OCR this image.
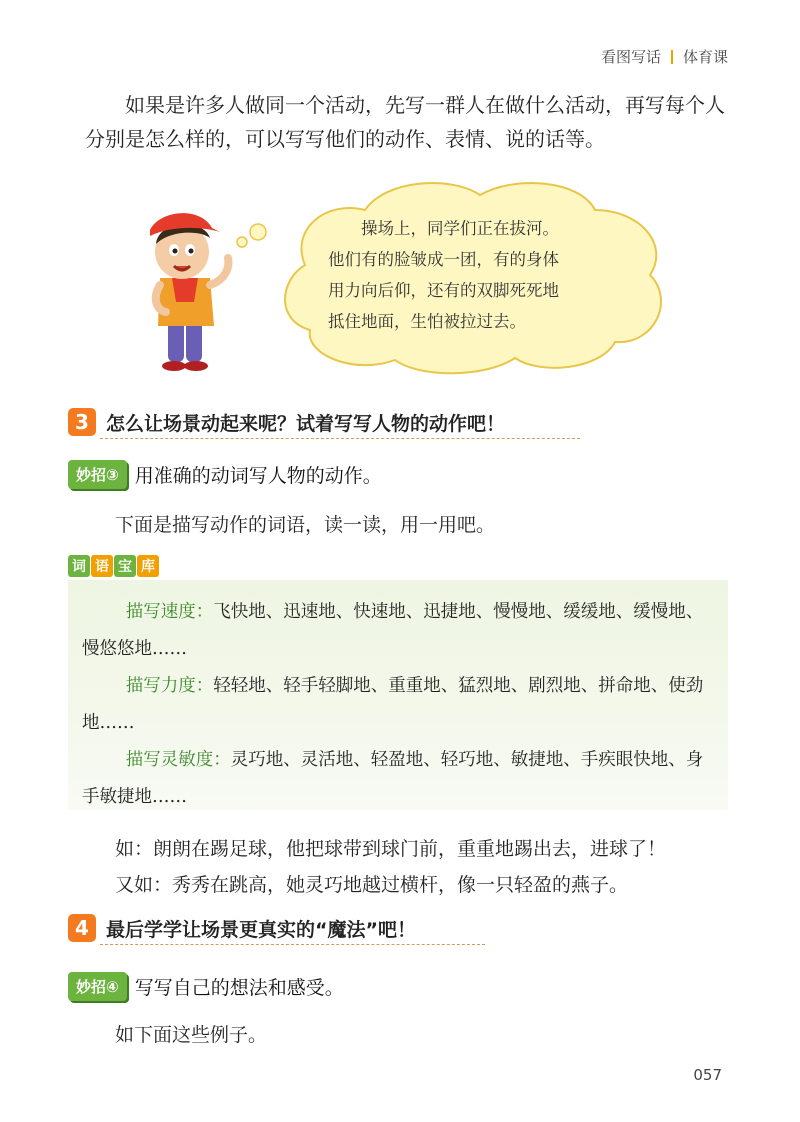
看图写话 体育课
如果是许多人做同一个活动，先写一群人在做什么活动，再写每个人分别是怎么样的，可以写写他们的动作、表情、说的话等。
操场上，同学们正在拔河。
他们有的脸皱成一团，有的身体
用力向后仰，还有的双脚死死地
抵住地面，生怕被拉过去。
3 怎么让场景动起来呢？试着写写人物的动作吧！
妙招③ 用准确的动词写人物的动作。
下面是描写动作的词语，读一读，用一用吧。
词 语 宝 库
描写速度：飞快地、迅速地、快速地、迅捷地、慢慢地、缓缓地、缓慢地、慢悠悠地……
描写力度：轻轻地、轻手轻脚地、重重地、猛烈地、剧烈地、拼命地、使劲地……
描写灵敏度：灵巧地、灵活地、轻盈地、轻巧地、敏捷地、手疾眼快地、身手敏捷地……
如：朗朗在踢足球，他把球带到球门前，重重地踢出去，进球了！
又如：秀秀在跳高，她灵巧地越过横杆，像一只轻盈的燕子。
4 最后学学让场景更真实的“魔法”吧！
妙招④ 写写自己的想法和感受。
如下面这些例子。
057
